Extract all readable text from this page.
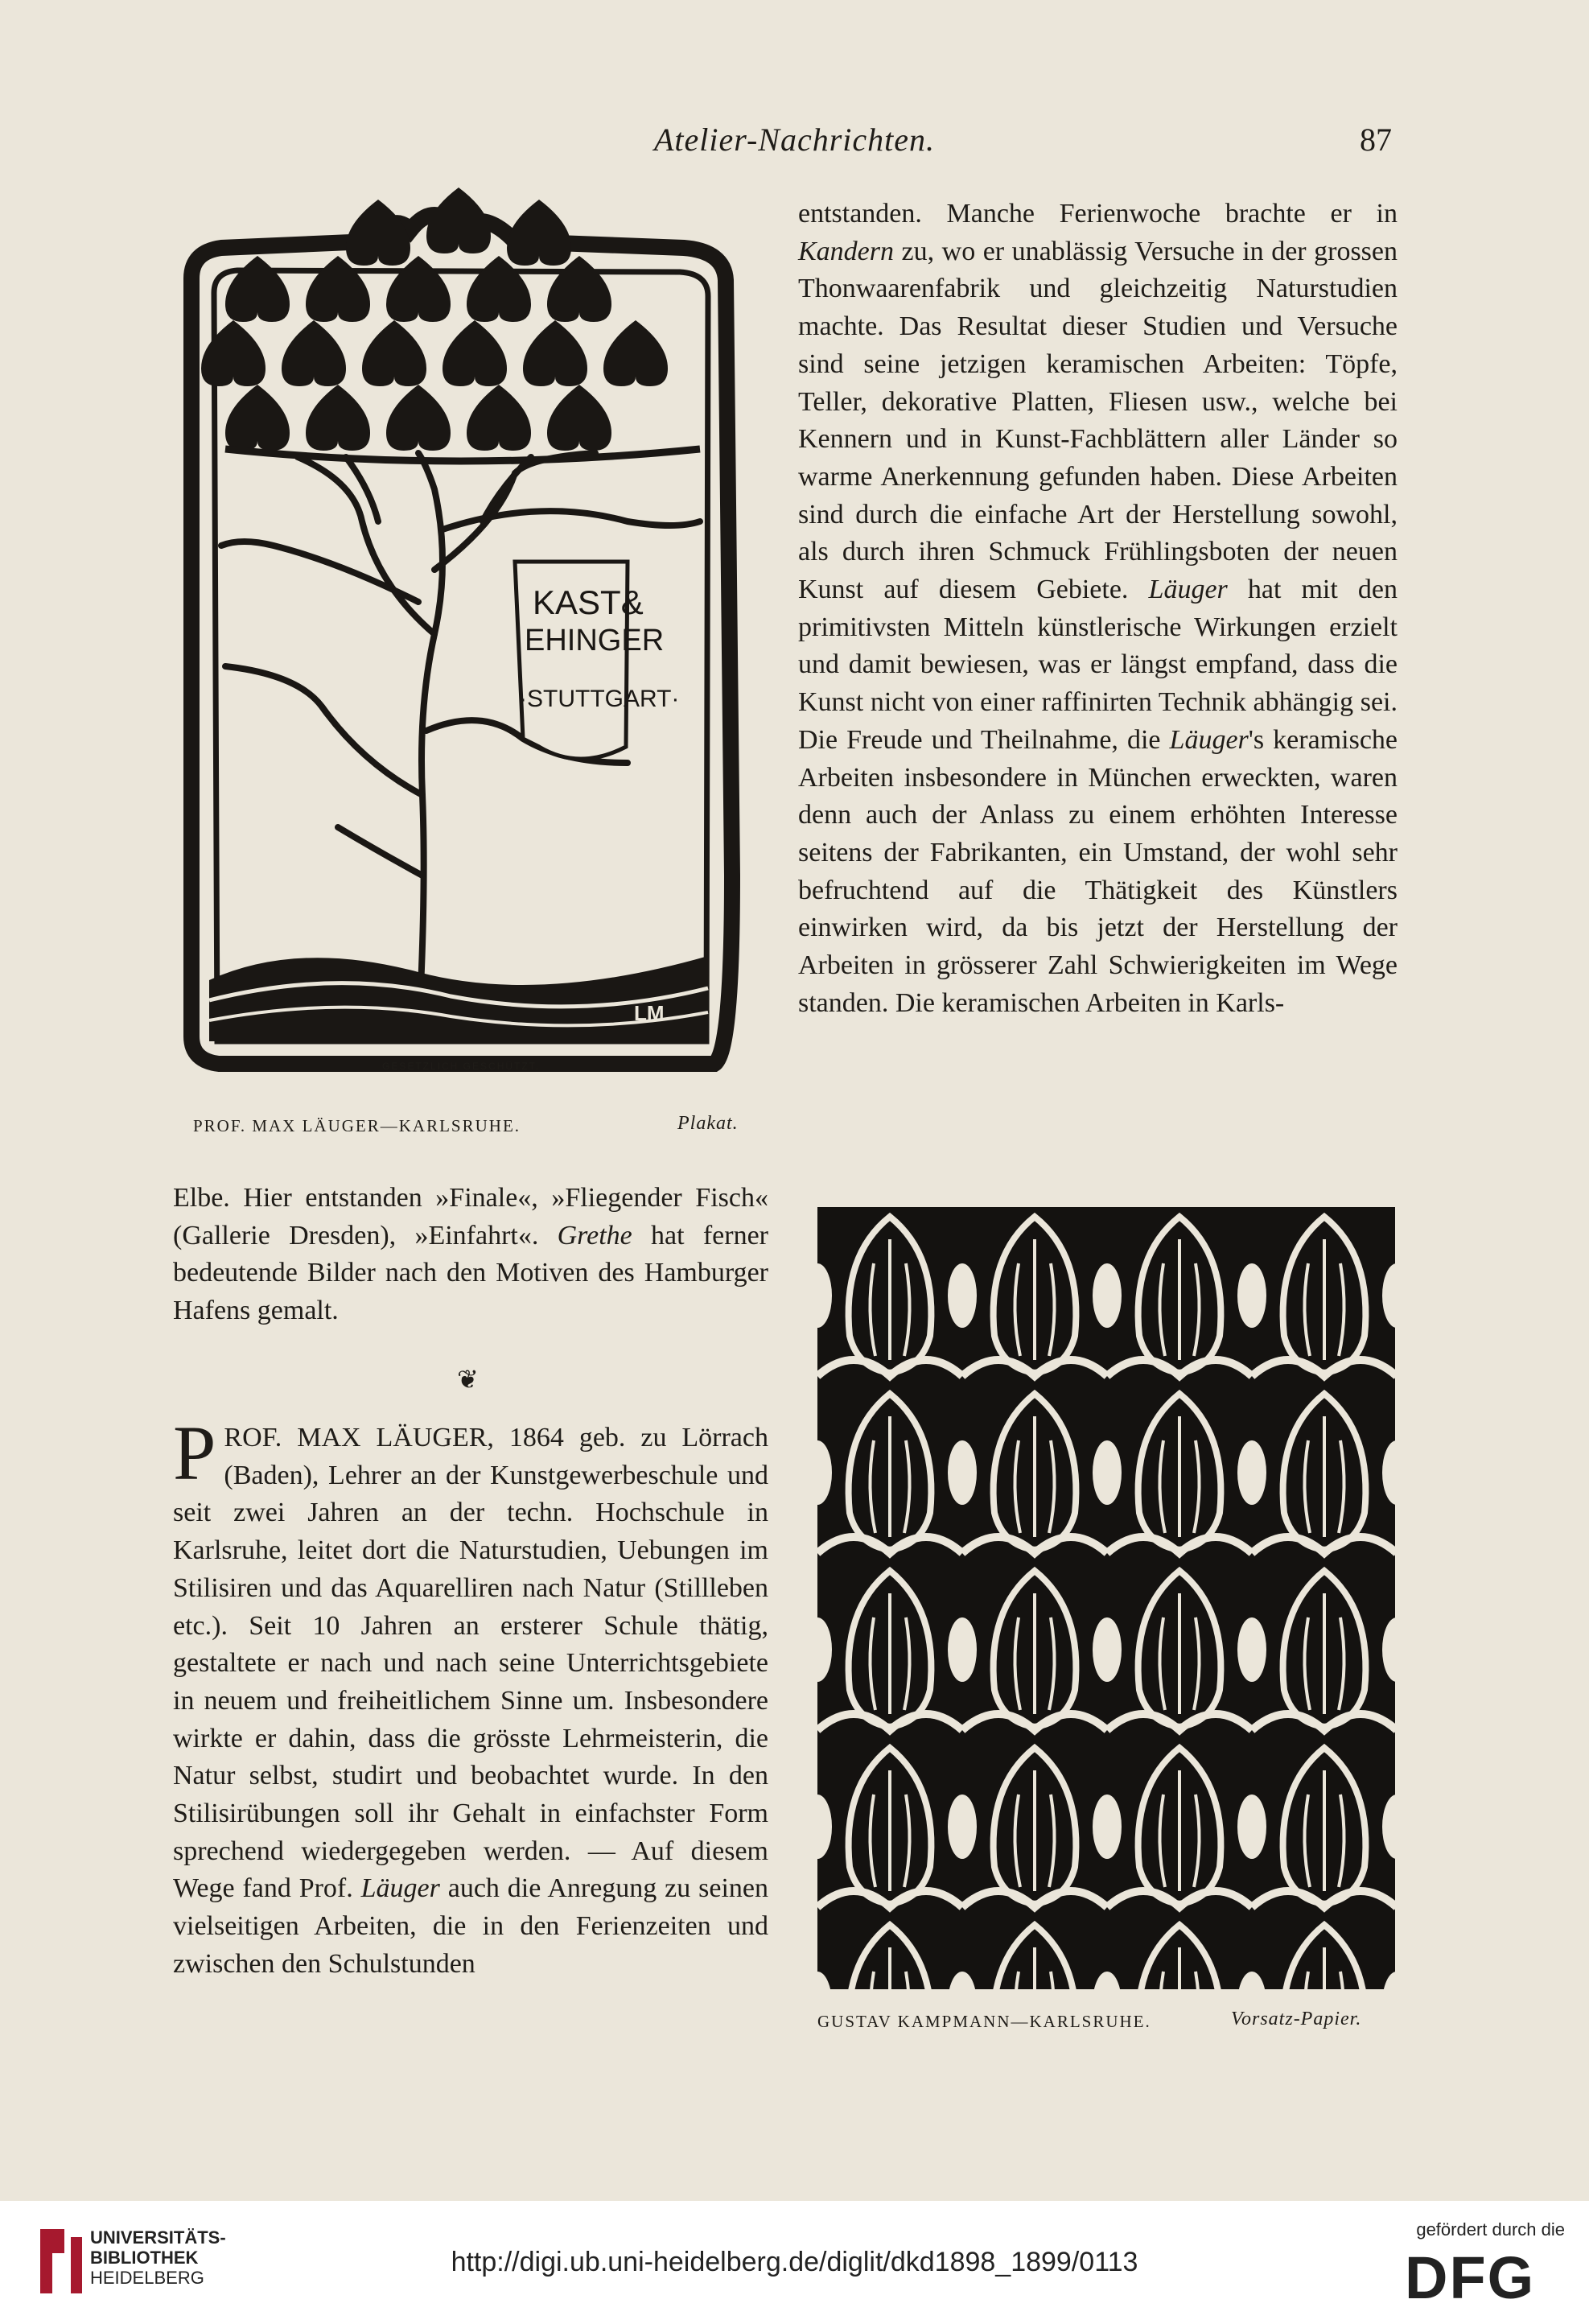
Atelier-Nachrichten.	87
KAST&
EHINGER
·STUTTGART·
LM
GESETZLICH GESCHÜTZT.
PROF. MAX LÄUGER—KARLSRUHE.	Plakat.

entstanden. Manche Ferienwoche brachte er in Kandern zu, wo er unablässig Versuche in der grossen Thonwaarenfabrik und gleichzeitig Naturstudien machte. Das Resultat dieser Studien und Versuche sind seine jetzigen keramischen Arbeiten: Töpfe, Teller, dekorative Platten, Fliesen usw., welche bei Kennern und in Kunst-Fachblättern aller Länder so warme Anerkennung gefunden haben. Diese Arbeiten sind durch die einfache Art der Herstellung sowohl, als durch ihren Schmuck Frühlingsboten der neuen Kunst auf diesem Gebiete. Läuger hat mit den primitivsten Mitteln künstlerische Wirkungen erzielt und damit bewiesen, was er längst empfand, dass die Kunst nicht von einer raffinirten Technik abhängig sei. Die Freude und Theilnahme, die Läuger's keramische Arbeiten insbesondere in München erweckten, waren denn auch der Anlass zu einem erhöhten Interesse seitens der Fabrikanten, ein Umstand, der wohl sehr befruchtend auf die Thätigkeit des Künstlers einwirken wird, da bis jetzt der Herstellung der Arbeiten in grösserer Zahl Schwierigkeiten im Wege standen. Die keramischen Arbeiten in Karls-

Elbe. Hier entstanden »Finale«, »Fliegender Fisch« (Gallerie Dresden), »Einfahrt«. Grethe hat ferner bedeutende Bilder nach den Motiven des Hamburger Hafens gemalt.

❦

PROF. MAX LÄUGER, 1864 geb. zu Lörrach (Baden), Lehrer an der Kunstgewerbeschule und seit zwei Jahren an der techn. Hochschule in Karlsruhe, leitet dort die Naturstudien, Uebungen im Stilisiren und das Aquarelliren nach Natur (Stillleben etc.). Seit 10 Jahren an ersterer Schule thätig, gestaltete er nach und nach seine Unterrichtsgebiete in neuem und freiheitlichem Sinne um. Insbesondere wirkte er dahin, dass die grösste Lehrmeisterin, die Natur selbst, studirt und beobachtet wurde. In den Stilisirübungen soll ihr Gehalt in einfachster Form sprechend wiedergegeben werden. — Auf diesem Wege fand Prof. Läuger auch die Anregung zu seinen vielseitigen Arbeiten, die in den Ferienzeiten und zwischen den Schulstunden

GUSTAV KAMPMANN—KARLSRUHE.	Vorsatz-Papier.
UNIVERSITÄTS-
BIBLIOTHEK
HEIDELBERG
http://digi.ub.uni-heidelberg.de/diglit/dkd1898_1899/0113
gefördert durch die
DFG
